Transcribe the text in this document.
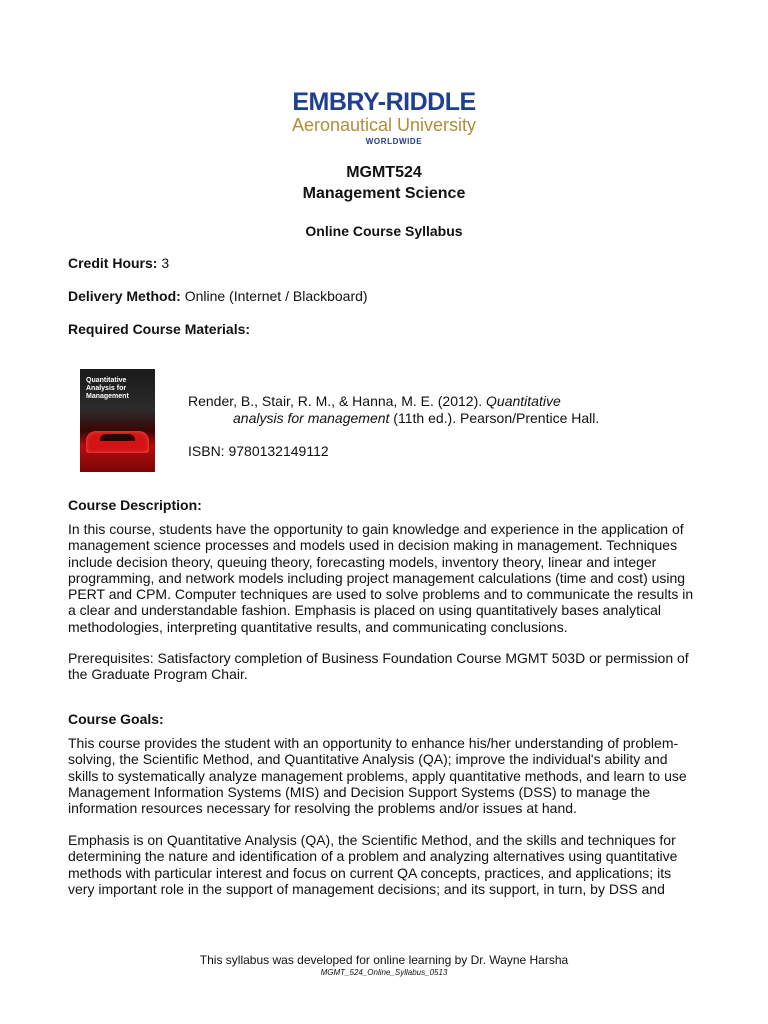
EMBRY-RIDDLE
Aeronautical University
WORLDWIDE
MGMT524
Management Science
Online Course Syllabus
Credit Hours: 3
Delivery Method: Online (Internet / Blackboard)
Required Course Materials:
Quantitative Analysis for Management	Render, B., Stair, R. M., & Hanna, M. E. (2012). Quantitative
analysis for management (11th ed.). Pearson/Prentice Hall.
ISBN: 9780132149112
Course Description:
In this course, students have the opportunity to gain knowledge and experience in the application of management science processes and models used in decision making in management. Techniques include decision theory, queuing theory, forecasting models, inventory theory, linear and integer programming, and network models including project management calculations (time and cost) using PERT and CPM. Computer techniques are used to solve problems and to communicate the results in a clear and understandable fashion. Emphasis is placed on using quantitatively bases analytical methodologies, interpreting quantitative results, and communicating conclusions.
Prerequisites: Satisfactory completion of Business Foundation Course MGMT 503D or permission of the Graduate Program Chair.
Course Goals:
This course provides the student with an opportunity to enhance his/her understanding of problem-solving, the Scientific Method, and Quantitative Analysis (QA); improve the individual's ability and skills to systematically analyze management problems, apply quantitative methods, and learn to use Management Information Systems (MIS) and Decision Support Systems (DSS) to manage the information resources necessary for resolving the problems and/or issues at hand.
Emphasis is on Quantitative Analysis (QA), the Scientific Method, and the skills and techniques for determining the nature and identification of a problem and analyzing alternatives using quantitative methods with particular interest and focus on current QA concepts, practices, and applications; its very important role in the support of management decisions; and its support, in turn, by DSS and
This syllabus was developed for online learning by Dr. Wayne Harsha
MGMT_524_Online_Syllabus_0513
